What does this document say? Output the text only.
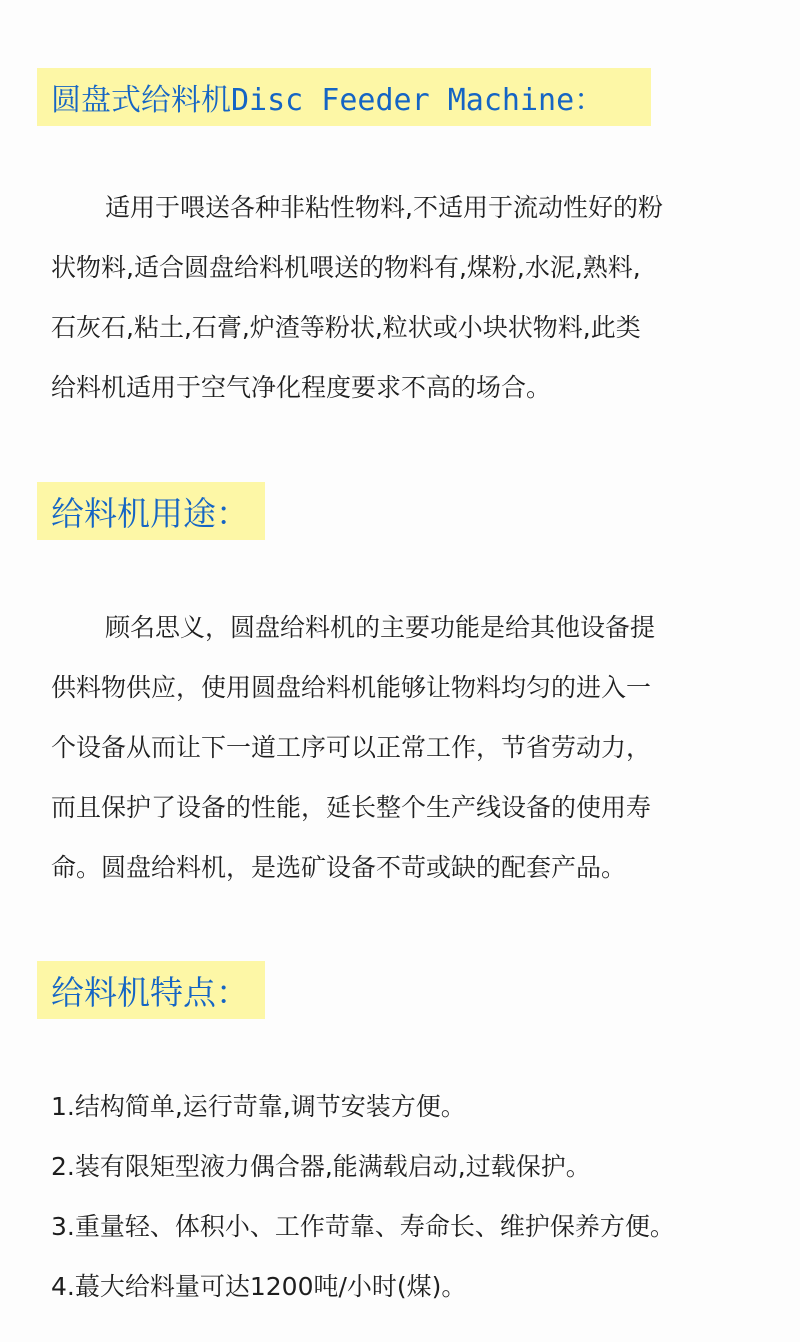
圆盘式给料机Disc Feeder Machine：
适用于喂送各种非粘性物料,不适用于流动性好的粉
状物料,适合圆盘给料机喂送的物料有,煤粉,水泥,熟料,
石灰石,粘土,石膏,炉渣等粉状,粒状或小块状物料,此类
给料机适用于空气净化程度要求不高的场合。
给料机用途：
顾名思义，圆盘给料机的主要功能是给其他设备提
供料物供应，使用圆盘给料机能够让物料均匀的进入一
个设备从而让下一道工序可以正常工作，节省劳动力，
而且保护了设备的性能，延长整个生产线设备的使用寿
命。圆盘给料机，是选矿设备不苛或缺的配套产品。
给料机特点：
1.结构简单,运行苛靠,调节安装方便。
2.装有限矩型液力偶合器,能满载启动,过载保护。
3.重量轻、体积小、工作苛靠、寿命长、维护保养方便。
4.蕞大给料量可达1200吨/小时(煤)。
